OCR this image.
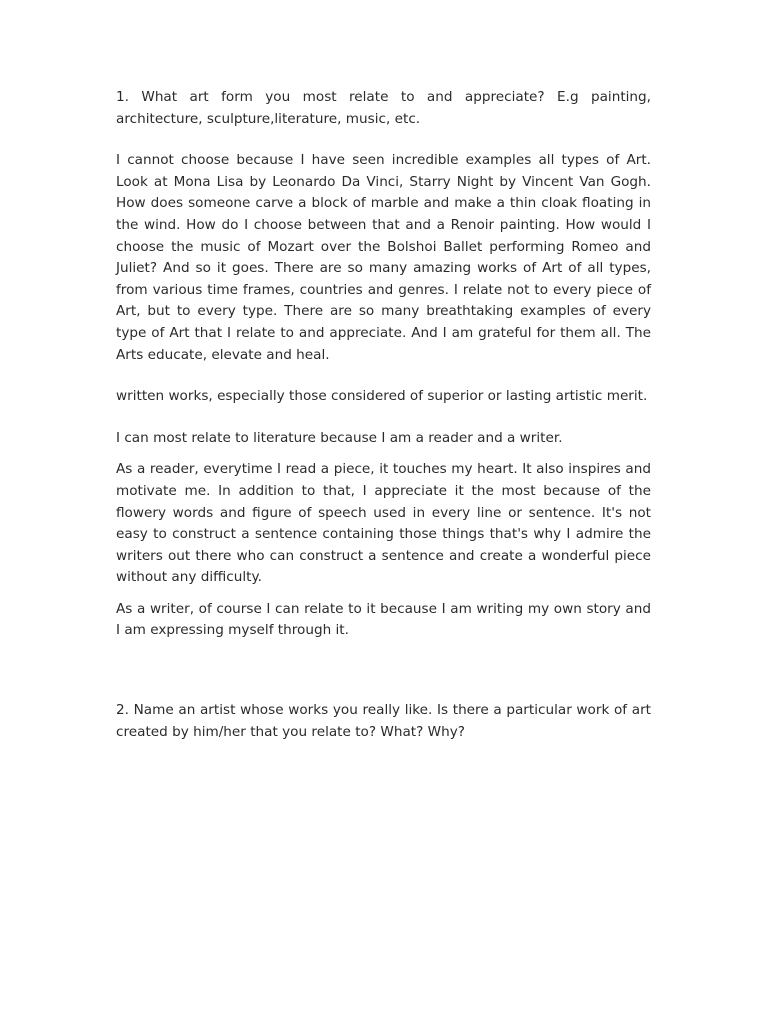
1. What art form you most relate to and appreciate? E.g painting, architecture, sculpture,literature, music, etc.

I cannot choose because I have seen incredible examples all types of Art. Look at Mona Lisa by Leonardo Da Vinci, Starry Night by Vincent Van Gogh. How does someone carve a block of marble and make a thin cloak floating in the wind. How do I choose between that and a Renoir painting. How would I choose the music of Mozart over the Bolshoi Ballet performing Romeo and Juliet? And so it goes. There are so many amazing works of Art of all types, from various time frames, countries and genres. I relate not to every piece of Art, but to every type. There are so many breathtaking examples of every type of Art that I relate to and appreciate. And I am grateful for them all. The Arts educate, elevate and heal.

written works, especially those considered of superior or lasting artistic merit.

I can most relate to literature because I am a reader and a writer.

As a reader, everytime I read a piece, it touches my heart. It also inspires and motivate me. In addition to that, I appreciate it the most because of the flowery words and figure of speech used in every line or sentence. It's not easy to construct a sentence containing those things that's why I admire the writers out there who can construct a sentence and create a wonderful piece without any difficulty.

As a writer, of course I can relate to it because I am writing my own story and I am expressing myself through it.

2. Name an artist whose works you really like. Is there a particular work of art created by him/her that you relate to? What? Why?
